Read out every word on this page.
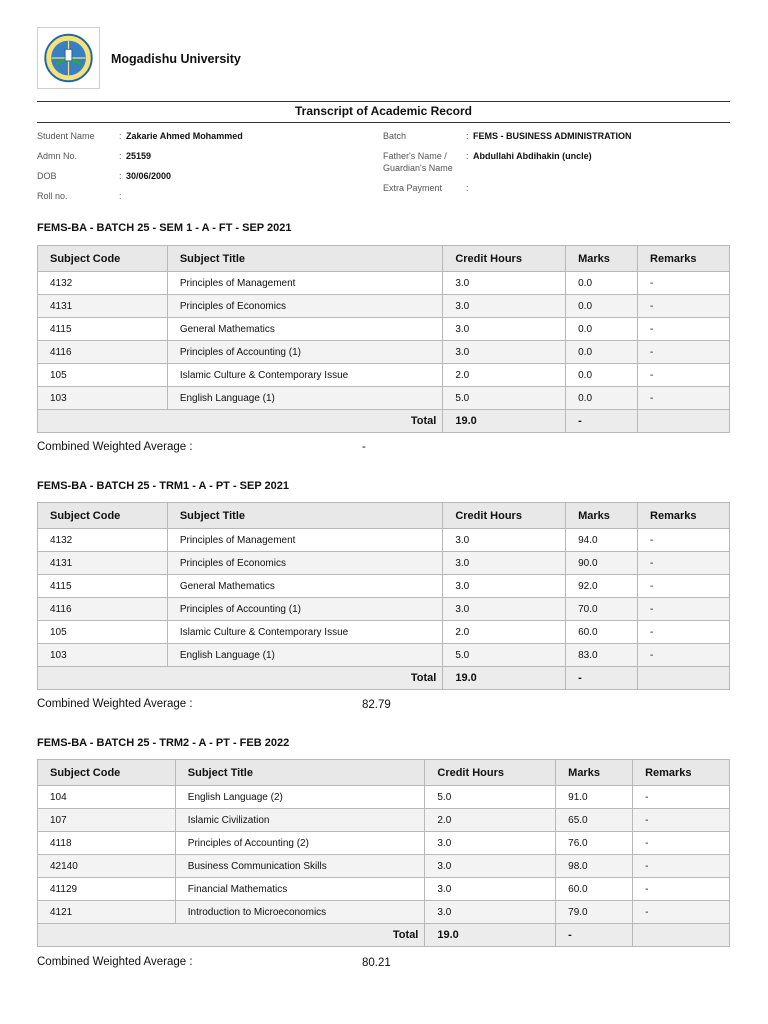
Mogadishu University
Transcript of Academic Record
Student Name	: Zakarie Ahmed Mohammed
Admn No.	: 25159
DOB	: 30/06/2000
Roll no.	:
Batch	: FEMS - BUSINESS ADMINISTRATION
Father's Name /
Guardian's Name
: Abdullahi Abdihakin (uncle)
Extra Payment	:
FEMS-BA - BATCH 25 - SEM 1 - A - FT - SEP 2021
Subject Code	Subject Title	Credit Hours	Marks	Remarks
4132	Principles of Management	3.0	0.0	-
4131	Principles of Economics	3.0	0.0	-
4115	General Mathematics	3.0	0.0	-
4116	Principles of Accounting (1)	3.0	0.0	-
105	Islamic Culture & Contemporary Issue	2.0	0.0	-
103	English Language (1)	5.0	0.0	-
Total		19.0	-	
Combined Weighted Average :	-
FEMS-BA - BATCH 25 - TRM1 - A - PT - SEP 2021
Subject Code	Subject Title	Credit Hours	Marks	Remarks
4132	Principles of Management	3.0	94.0	-
4131	Principles of Economics	3.0	90.0	-
4115	General Mathematics	3.0	92.0	-
4116	Principles of Accounting (1)	3.0	70.0	-
105	Islamic Culture & Contemporary Issue	2.0	60.0	-
103	English Language (1)	5.0	83.0	-
Total		19.0	-	
Combined Weighted Average :	82.79
FEMS-BA - BATCH 25 - TRM2 - A - PT - FEB 2022
Subject Code	Subject Title	Credit Hours	Marks	Remarks
104	English Language (2)	5.0	91.0	-
107	Islamic Civilization	2.0	65.0	-
4118	Principles of Accounting (2)	3.0	76.0	-
42140	Business Communication Skills	3.0	98.0	-
41129	Financial Mathematics	3.0	60.0	-
4121	Introduction to Microeconomics	3.0	79.0	-
Total		19.0	-	
Combined Weighted Average :	80.21
